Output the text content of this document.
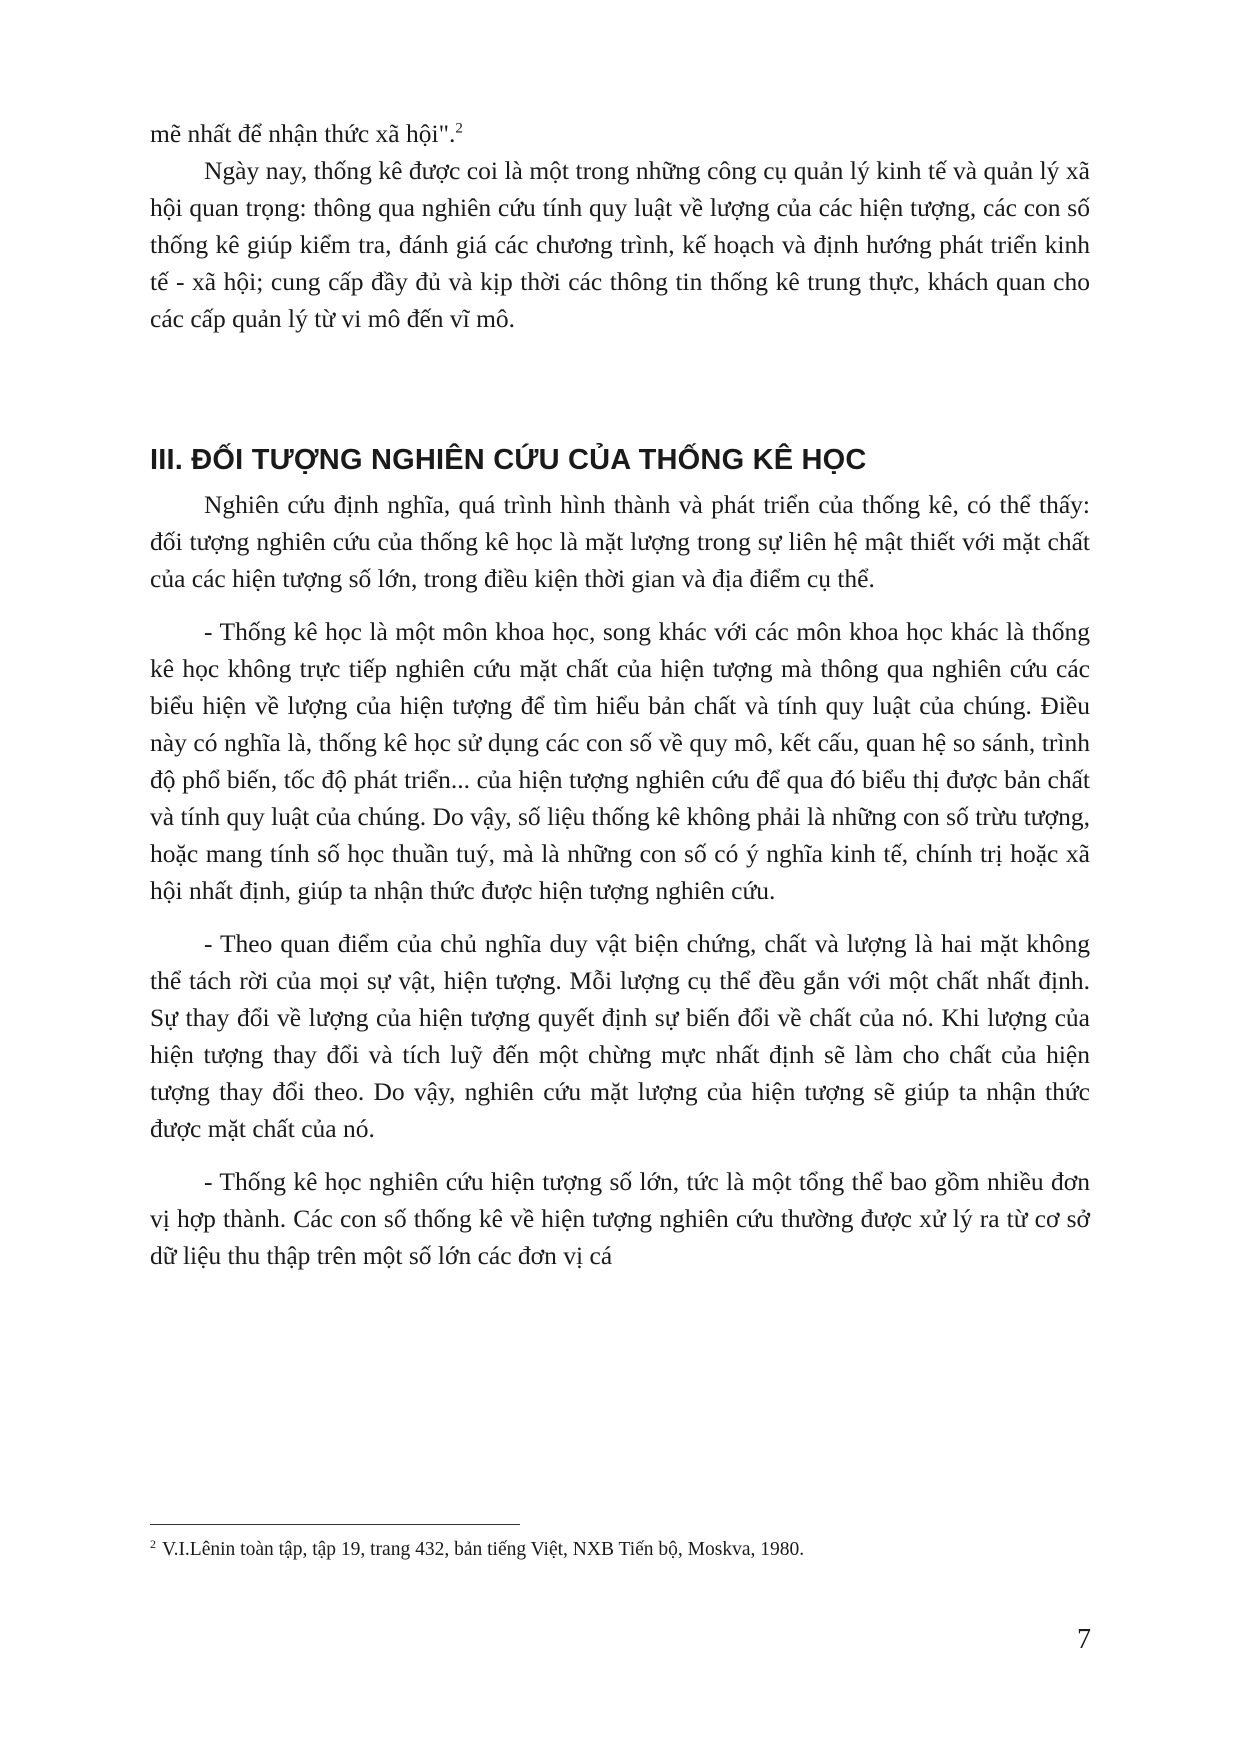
mẽ nhất để nhận thức xã hội".$^2$

Ngày nay, thống kê được coi là một trong những công cụ quản lý kinh tế và quản lý xã hội quan trọng: thông qua nghiên cứu tính quy luật về lượng của các hiện tượng, các con số thống kê giúp kiểm tra, đánh giá các chương trình, kế hoạch và định hướng phát triển kinh tế - xã hội; cung cấp đầy đủ và kịp thời các thông tin thống kê trung thực, khách quan cho các cấp quản lý từ vi mô đến vĩ mô.

III. ĐỐI TƯỢNG NGHIÊN CỨU CỦA THỐNG KÊ HỌC

Nghiên cứu định nghĩa, quá trình hình thành và phát triển của thống kê, có thể thấy: đối tượng nghiên cứu của thống kê học là mặt lượng trong sự liên hệ mật thiết với mặt chất của các hiện tượng số lớn, trong điều kiện thời gian và địa điểm cụ thể.

- Thống kê học là một môn khoa học, song khác với các môn khoa học khác là thống kê học không trực tiếp nghiên cứu mặt chất của hiện tượng mà thông qua nghiên cứu các biểu hiện về lượng của hiện tượng để tìm hiểu bản chất và tính quy luật của chúng. Điều này có nghĩa là, thống kê học sử dụng các con số về quy mô, kết cấu, quan hệ so sánh, trình độ phổ biến, tốc độ phát triển... của hiện tượng nghiên cứu để qua đó biểu thị được bản chất và tính quy luật của chúng. Do vậy, số liệu thống kê không phải là những con số trừu tượng, hoặc mang tính số học thuần tuý, mà là những con số có ý nghĩa kinh tế, chính trị hoặc xã hội nhất định, giúp ta nhận thức được hiện tượng nghiên cứu.

- Theo quan điểm của chủ nghĩa duy vật biện chứng, chất và lượng là hai mặt không thể tách rời của mọi sự vật, hiện tượng. Mỗi lượng cụ thể đều gắn với một chất nhất định. Sự thay đổi về lượng của hiện tượng quyết định sự biến đổi về chất của nó. Khi lượng của hiện tượng thay đổi và tích luỹ đến một chừng mực nhất định sẽ làm cho chất của hiện tượng thay đổi theo. Do vậy, nghiên cứu mặt lượng của hiện tượng sẽ giúp ta nhận thức được mặt chất của nó.

- Thống kê học nghiên cứu hiện tượng số lớn, tức là một tổng thể bao gồm nhiều đơn vị hợp thành. Các con số thống kê về hiện tượng nghiên cứu thường được xử lý ra từ cơ sở dữ liệu thu thập trên một số lớn các đơn vị cá

$^2$ V.I.Lênin toàn tập, tập 19, trang 432, bản tiếng Việt, NXB Tiến bộ, Moskva, 1980.

7
